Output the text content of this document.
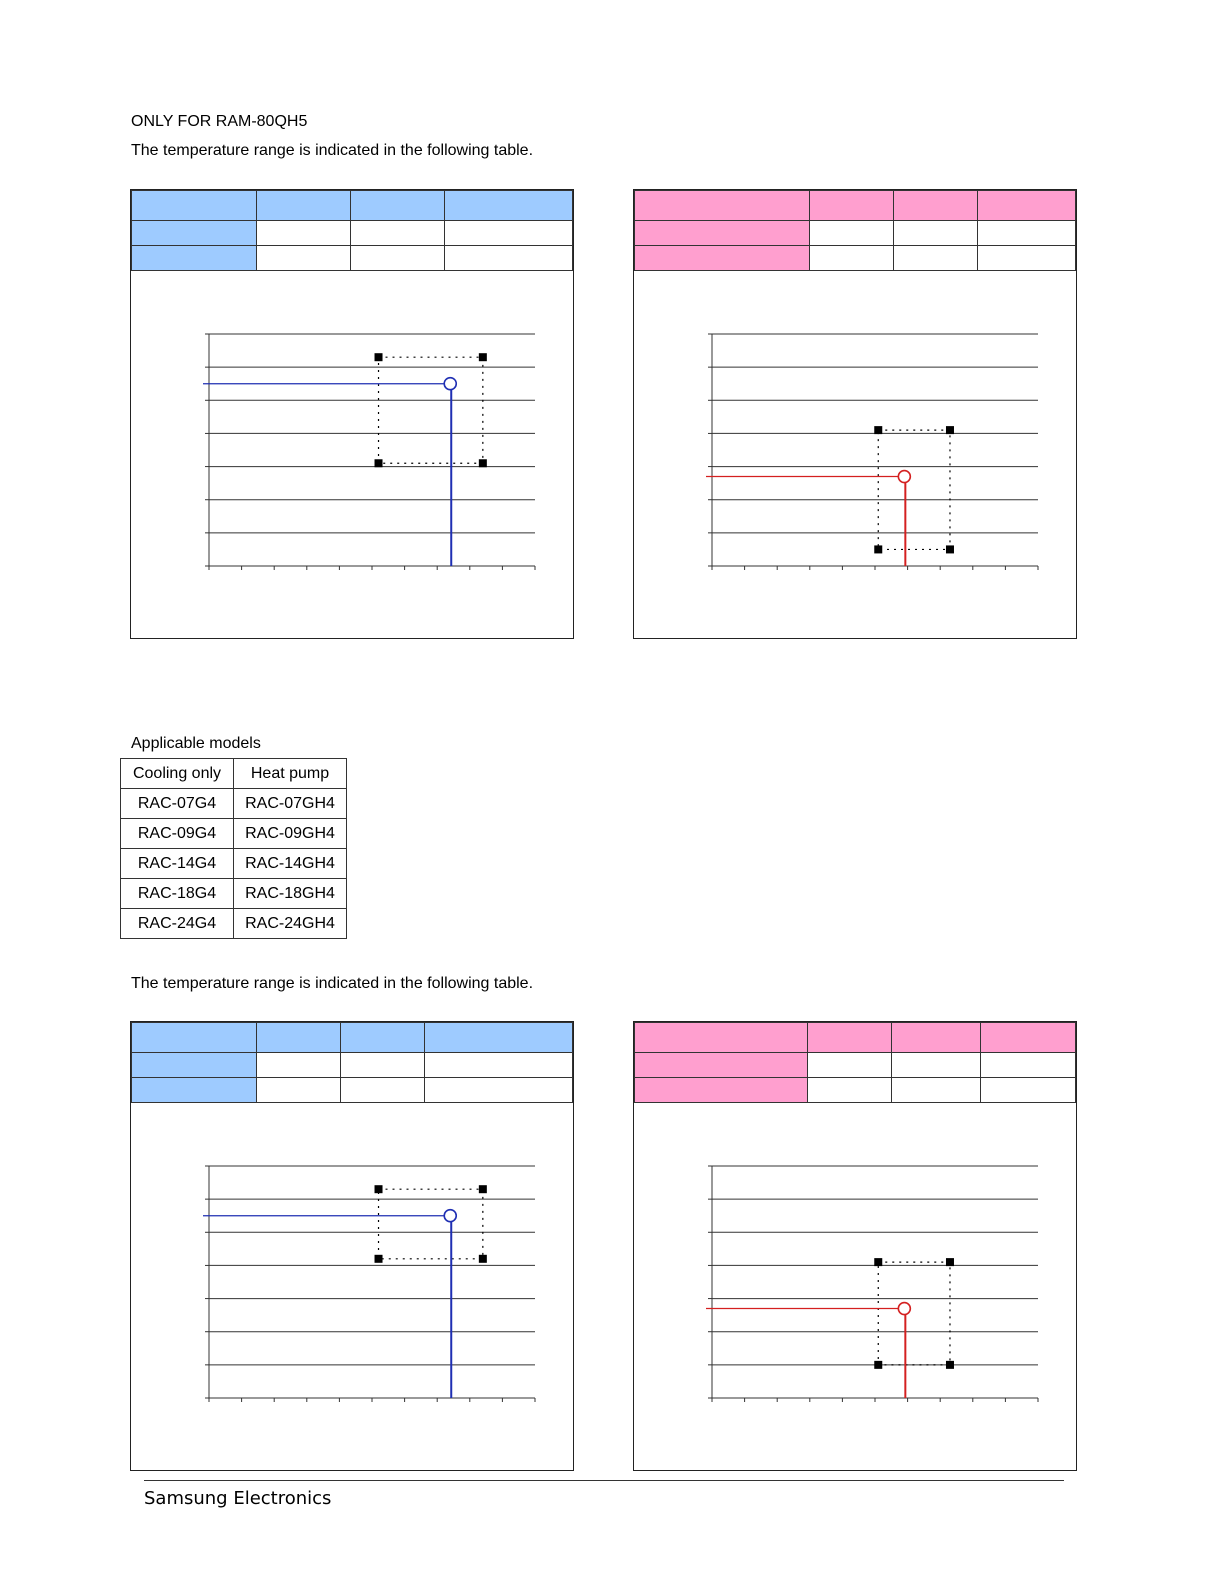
ONLY FOR RAM-80QH5
The temperature range is indicated in the following table.

Applicable models
Cooling only	Heat pump
RAC-07G4	RAC-07GH4
RAC-09G4	RAC-09GH4
RAC-14G4	RAC-14GH4
RAC-18G4	RAC-18GH4
RAC-24G4	RAC-24GH4
The temperature range is indicated in the following table.

Samsung Electronics
